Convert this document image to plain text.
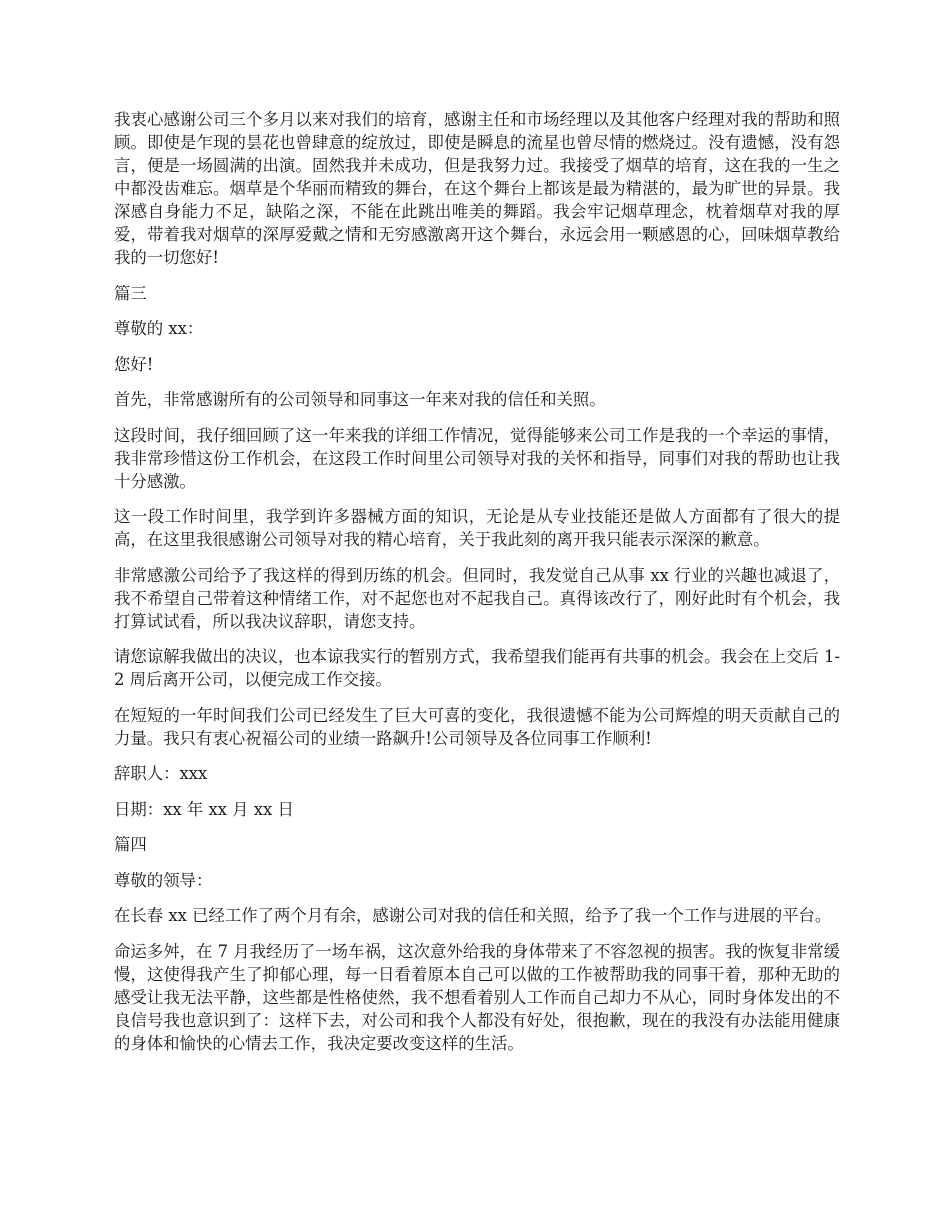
我衷心感谢公司三个多月以来对我们的培育，感谢主任和市场经理以及其他客户经理对我的帮助和照顾。即使是乍现的昙花也曾肆意的绽放过，即使是瞬息的流星也曾尽情的燃烧过。没有遗憾，没有怨言，便是一场圆满的出演。固然我并未成功，但是我努力过。我接受了烟草的培育，这在我的一生之中都没齿难忘。烟草是个华丽而精致的舞台，在这个舞台上都该是最为精湛的，最为旷世的异景。我深感自身能力不足，缺陷之深，不能在此跳出唯美的舞蹈。我会牢记烟草理念，枕着烟草对我的厚爱，带着我对烟草的深厚爱戴之情和无穷感激离开这个舞台，永远会用一颗感恩的心，回味烟草教给我的一切您好!

篇三

尊敬的 xx：

您好!

首先，非常感谢所有的公司领导和同事这一年来对我的信任和关照。

这段时间，我仔细回顾了这一年来我的详细工作情况，觉得能够来公司工作是我的一个幸运的事情，我非常珍惜这份工作机会，在这段工作时间里公司领导对我的关怀和指导，同事们对我的帮助也让我十分感激。

这一段工作时间里，我学到许多器械方面的知识，无论是从专业技能还是做人方面都有了很大的提高，在这里我很感谢公司领导对我的精心培育，关于我此刻的离开我只能表示深深的歉意。

非常感激公司给予了我这样的得到历练的机会。但同时，我发觉自己从事 xx 行业的兴趣也减退了，我不希望自己带着这种情绪工作，对不起您也对不起我自己。真得该改行了，刚好此时有个机会，我打算试试看，所以我决议辞职，请您支持。

请您谅解我做出的决议，也本谅我实行的暂别方式，我希望我们能再有共事的机会。我会在上交后 1-2 周后离开公司，以便完成工作交接。

在短短的一年时间我们公司已经发生了巨大可喜的变化，我很遗憾不能为公司辉煌的明天贡献自己的力量。我只有衷心祝福公司的业绩一路飙升!公司领导及各位同事工作顺利!

辞职人：xxx

日期：xx 年 xx 月 xx 日

篇四

尊敬的领导：

在长春 xx 已经工作了两个月有余，感谢公司对我的信任和关照，给予了我一个工作与进展的平台。

命运多舛，在 7 月我经历了一场车祸，这次意外给我的身体带来了不容忽视的损害。我的恢复非常缓慢，这使得我产生了抑郁心理，每一日看着原本自己可以做的工作被帮助我的同事干着，那种无助的感受让我无法平静，这些都是性格使然，我不想看着别人工作而自己却力不从心，同时身体发出的不良信号我也意识到了：这样下去，对公司和我个人都没有好处，很抱歉，现在的我没有办法能用健康的身体和愉快的心情去工作，我决定要改变这样的生活。
